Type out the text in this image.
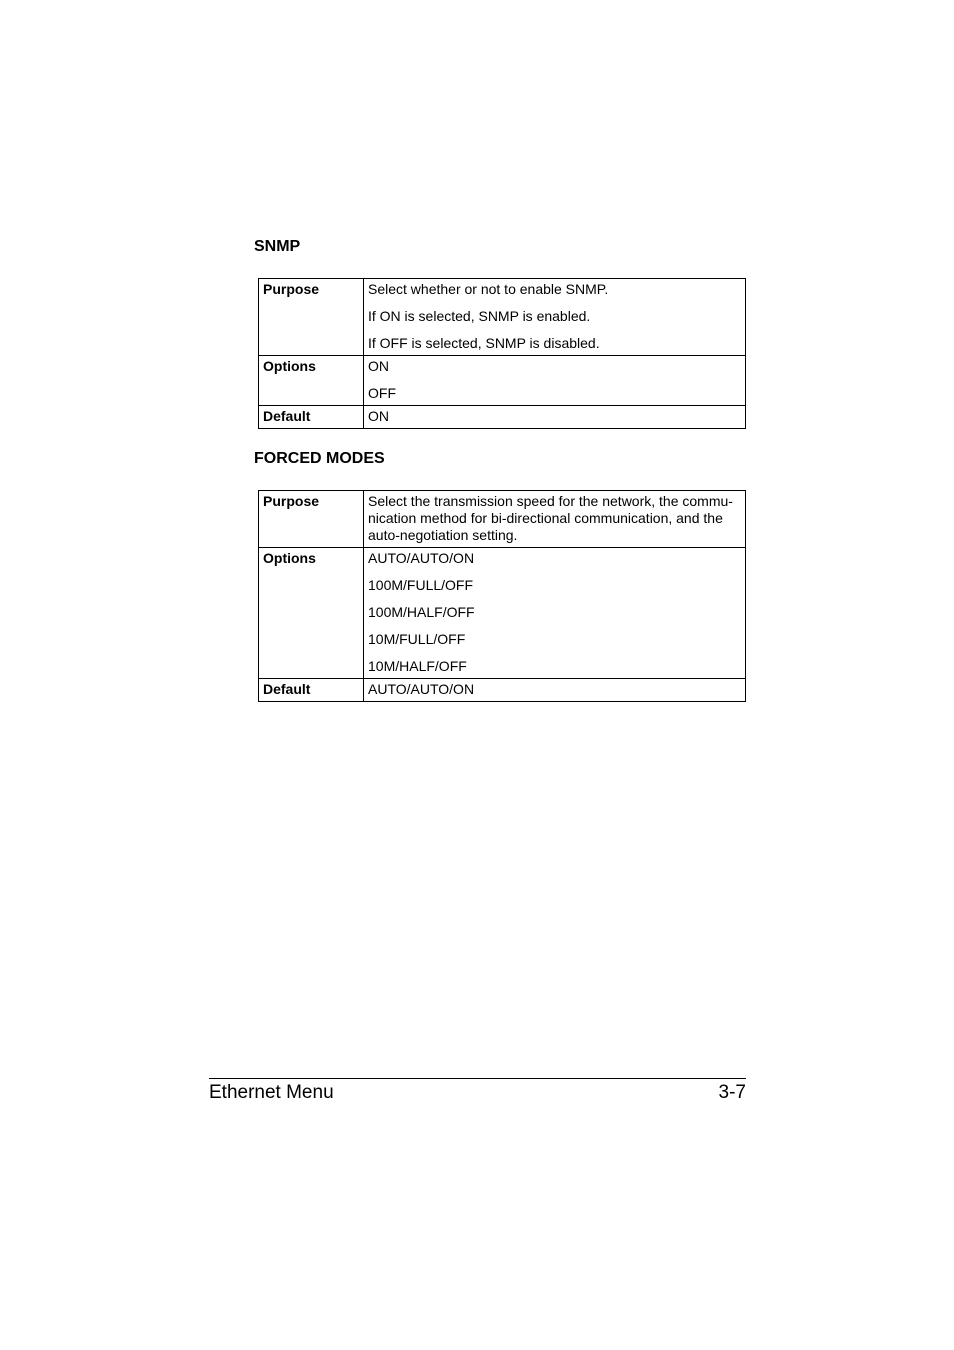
SNMP
Purpose	Select whether or not to enable SNMP.
If ON is selected, SNMP is enabled.
If OFF is selected, SNMP is disabled.

Options	ON
OFF

Default	ON
FORCED MODES
Purpose	Select the transmission speed for the network, the commu-nication method for bi-directional communication, and the auto-negotiation setting.

Options	AUTO/AUTO/ON
100M/FULL/OFF
100M/HALF/OFF
10M/FULL/OFF
10M/HALF/OFF

Default	AUTO/AUTO/ON
Ethernet Menu	3-7
